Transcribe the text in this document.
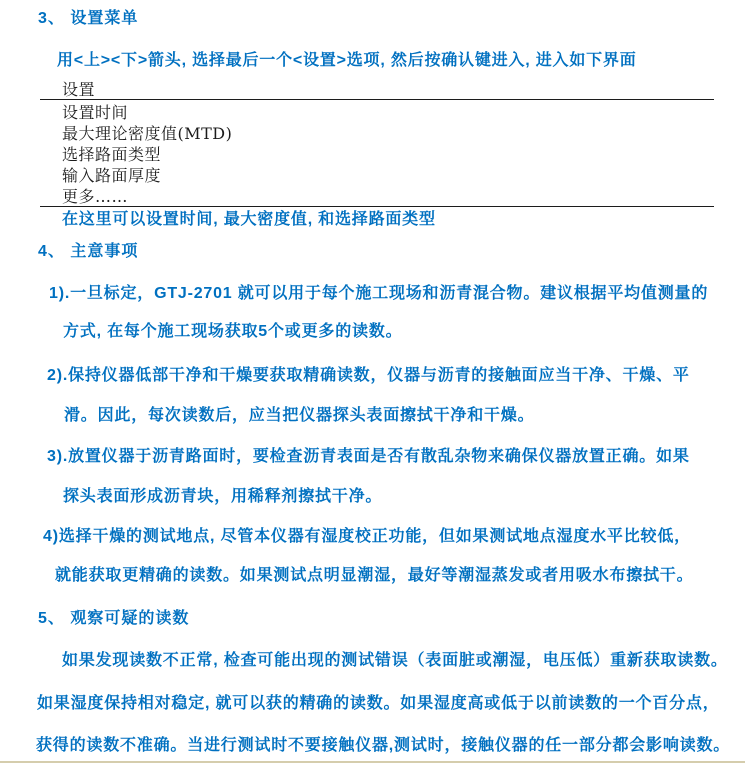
3、 设置菜单
用<上><下>箭头, 选择最后一个<设置>选项, 然后按确认键进入, 进入如下界面
设置
设置时间
最大理论密度值(MTD)
选择路面类型
输入路面厚度
更多……
在这里可以设置时间, 最大密度值, 和选择路面类型
4、 主意事项
1).一旦标定，GTJ-2701 就可以用于每个施工现场和沥青混合物。建议根据平均值测量的
方式, 在每个施工现场获取5个或更多的读数。
2).保持仪器低部干净和干燥要获取精确读数，仪器与沥青的接触面应当干净、干燥、平
滑。因此，每次读数后，应当把仪器探头表面擦拭干净和干燥。
3).放置仪器于沥青路面时，要检查沥青表面是否有散乱杂物来确保仪器放置正确。如果
探头表面形成沥青块，用稀释剂擦拭干净。
4)选择干燥的测试地点, 尽管本仪器有湿度校正功能，但如果测试地点湿度水平比较低，
就能获取更精确的读数。如果测试点明显潮湿，最好等潮湿蒸发或者用吸水布擦拭干。
5、 观察可疑的读数
如果发现读数不正常, 检查可能出现的测试错误（表面脏或潮湿，电压低）重新获取读数。
如果湿度保持相对稳定, 就可以获的精确的读数。如果湿度高或低于以前读数的一个百分点，
获得的读数不准确。当进行测试时不要接触仪器,测试时，接触仪器的任一部分都会影响读数。
